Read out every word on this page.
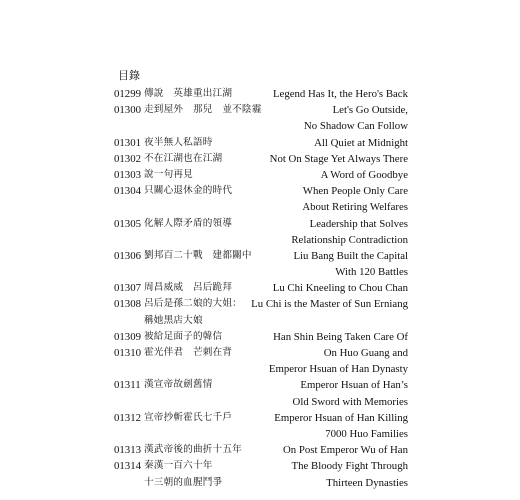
目錄
01299 傳說　英雄重出江湖	Legend Has It, the Hero's Back
01300 走到屋外　那兒　並不陰霾	Let's Go Outside,
No Shadow Can Follow
01301 夜半無人私語時	All Quiet at Midnight
01302 不在江湖也在江湖	Not On Stage Yet Always There
01303 說一句再見	A Word of Goodbye
01304 只關心退休金的時代	When People Only Care
About Retiring Welfares
01305 化解人際矛盾的領導	Leadership that Solves
Relationship Contradiction
01306 劉邦百二十戰　建都關中	Liu Bang Built the Capital
With 120 Battles
01307 周昌威威　呂后跪拜	Lu Chi Kneeling to Chou Chan
01308 呂后是孫二娘的大姐： Lu Chi is the Master of Sun Erniang
稱她黑店大娘
01309 被給足面子的韓信	Han Shin Being Taken Care Of
01310 霍光伴君　芒刺在背	On Huo Guang and
Emperor Hsuan of Han Dynasty
01311 漢宣帝故劍舊情	Emperor Hsuan of Han’s
Old Sword with Memories
01312 宣帝抄斬霍氏七千戶	Emperor Hsuan of Han Killing
7000 Huo Families
01313 漢武帝後的曲折十五年	On Post Emperor Wu of Han
01314 秦漢一百六十年	The Bloody Fight Through
十三朝的血腥鬥爭	Thirteen Dynasties
